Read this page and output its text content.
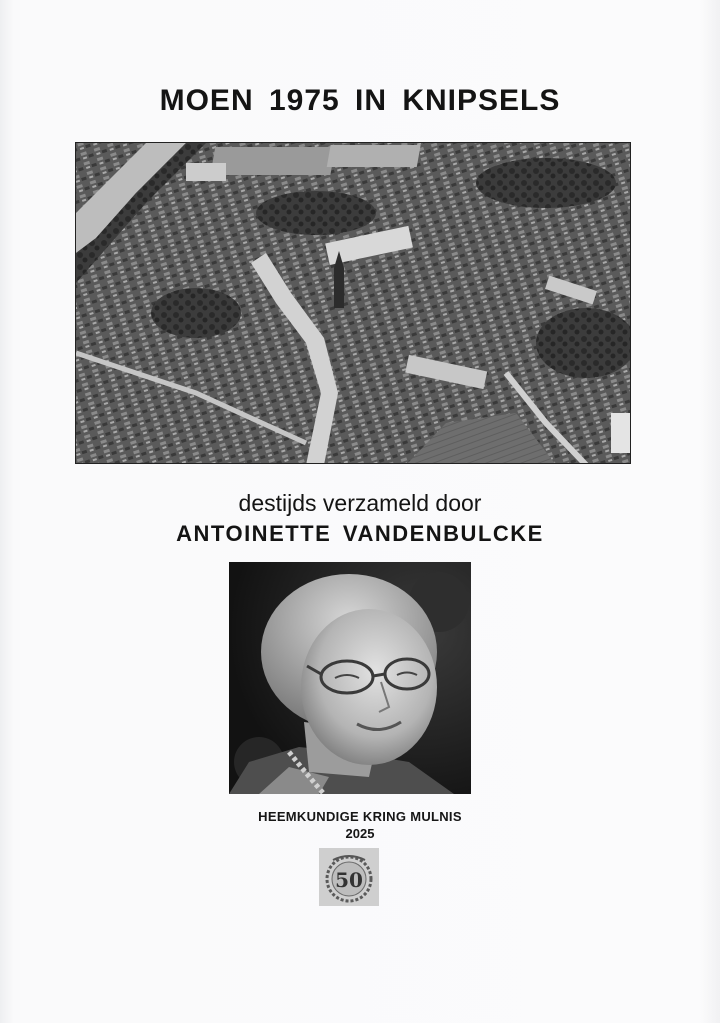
MOEN 1975 IN KNIPSELS
destijds verzameld door
ANTOINETTE VANDENBULCKE
HEEMKUNDIGE KRING MULNIS
2025
50
